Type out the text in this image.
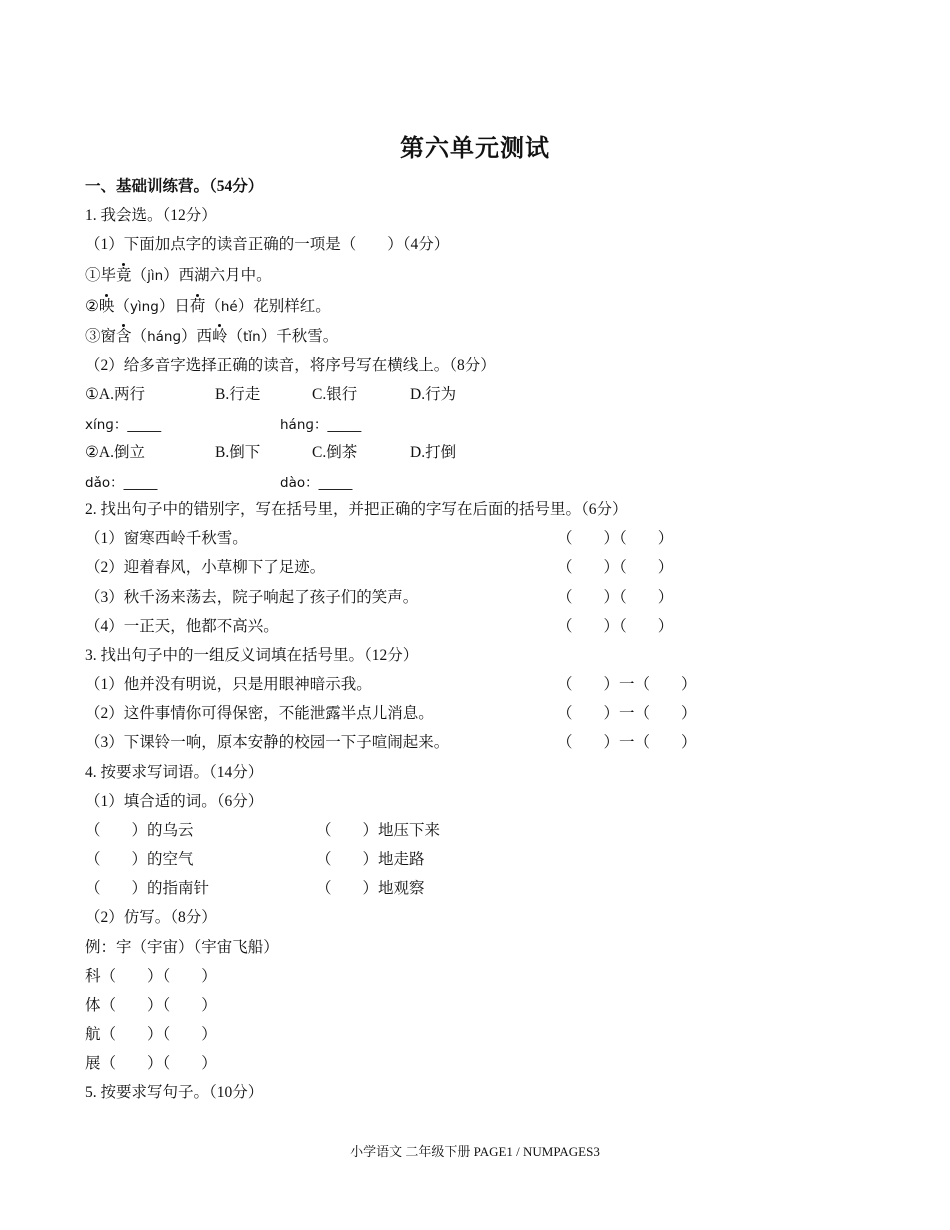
第六单元测试
一、基础训练营。（54分）
1. 我会选。（12分）
（1）下面加点字的读音正确的一项是（　　）（4分）
①毕竟（jìn）西湖六月中。
②映（yìng）日荷（hé）花别样红。
③窗含（hánɡ）西岭（tǐn）千秋雪。
（2）给多音字选择正确的读音，将序号写在横线上。（8分）
①A.两行	B.行走	C.银行	D.行为
xínɡ：_____	hánɡ：_____
②A.倒立	B.倒下	C.倒茶	D.打倒
dǎo：_____	dào：_____
2. 找出句子中的错别字，写在括号里，并把正确的字写在后面的括号里。（6分）
（1）窗寒西岭千秋雪。	（　　）（　　）
（2）迎着春风，小草柳下了足迹。	（　　）（　　）
（3）秋千汤来荡去，院子响起了孩子们的笑声。	（　　）（　　）
（4）一正天，他都不高兴。	（　　）（　　）
3. 找出句子中的一组反义词填在括号里。（12分）
（1）他并没有明说，只是用眼神暗示我。	（　　）一（　　）
（2）这件事情你可得保密，不能泄露半点儿消息。	（　　）一（　　）
（3）下课铃一响，原本安静的校园一下子喧闹起来。	（　　）一（　　）
4. 按要求写词语。（14分）
（1）填合适的词。（6分）
（　　）的乌云	（　　）地压下来
（　　）的空气	（　　）地走路
（　　）的指南针	（　　）地观察
（2）仿写。（8分）
例：宇（宇宙）（宇宙飞船）
科（　　）（　　）
体（　　）（　　）
航（　　）（　　）
展（　　）（　　）
5. 按要求写句子。（10分）
小学语文 二年级下册 PAGE1 / NUMPAGES3
